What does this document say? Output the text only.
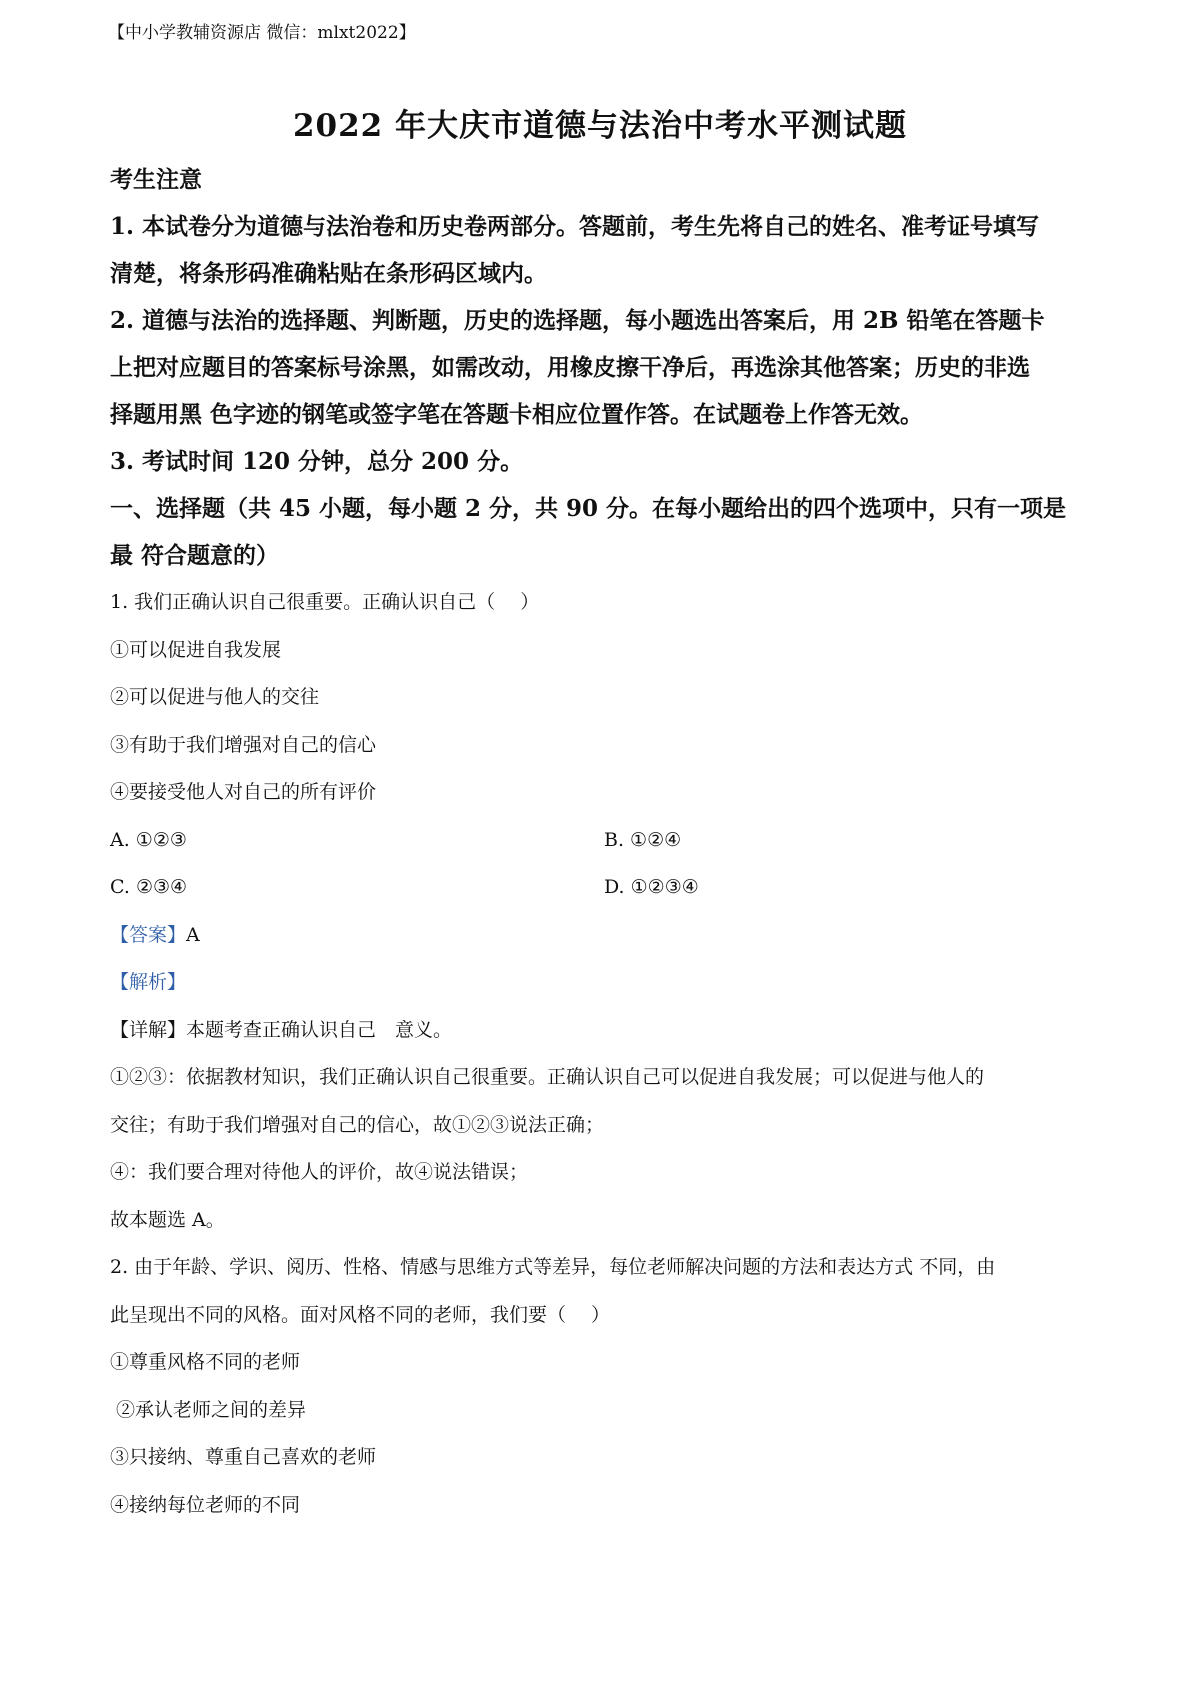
【中小学教辅资源店 微信：mlxt2022】
2022 年大庆市道德与法治中考水平测试题

考生注意

1. 本试卷分为道德与法治卷和历史卷两部分。答题前，考生先将自己的姓名、准考证号填写

清楚，将条形码准确粘贴在条形码区域内。

2. 道德与法治的选择题、判断题，历史的选择题，每小题选出答案后，用 2B 铅笔在答题卡

上把对应题目的答案标号涂黑，如需改动，用橡皮擦干净后，再选涂其他答案；历史的非选

择题用黑 色字迹的钢笔或签字笔在答题卡相应位置作答。在试题卷上作答无效。

3. 考试时间 120 分钟，总分 200 分。

一、选择题（共 45 小题，每小题 2 分，共 90 分。在每小题给出的四个选项中，只有一项是

最 符合题意的）

1. 我们正确认识自己很重要。正确认识自己（　 ）

①可以促进自我发展

②可以促进与他人的交往

③有助于我们增强对自己的信心

④要接受他人对自己的所有评价

A. ①②③	B. ①②④
C. ②③④	D. ①②③④

【答案】A

【解析】

【详解】本题考查正确认识自己　意义。

①②③：依据教材知识，我们正确认识自己很重要。正确认识自己可以促进自我发展；可以促进与他人的

交往；有助于我们增强对自己的信心，故①②③说法正确；

④：我们要合理对待他人的评价，故④说法错误；

故本题选 A。

2. 由于年龄、学识、阅历、性格、情感与思维方式等差异，每位老师解决问题的方法和表达方式 不同，由

此呈现出不同的风格。面对风格不同的老师，我们要（　 ）

①尊重风格不同的老师

②承认老师之间的差异

③只接纳、尊重自己喜欢的老师

④接纳每位老师的不同
